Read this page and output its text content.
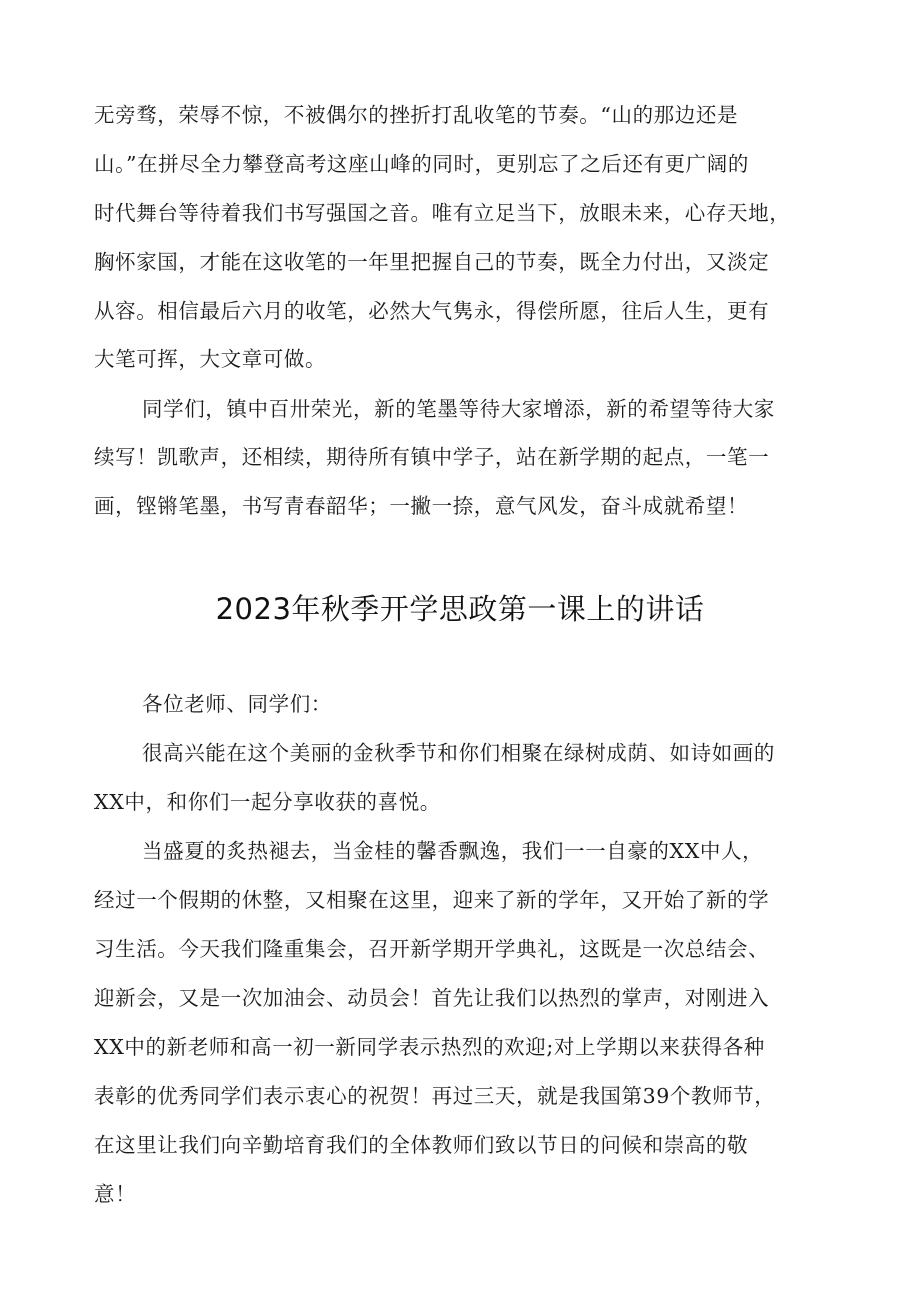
无旁骛，荣辱不惊，不被偶尔的挫折打乱收笔的节奏。“山的那边还是
山。”在拼尽全力攀登高考这座山峰的同时，更别忘了之后还有更广阔的
时代舞台等待着我们书写强国之音。唯有立足当下，放眼未来，心存天地，
胸怀家国，才能在这收笔的一年里把握自己的节奏，既全力付出，又淡定
从容。相信最后六月的收笔，必然大气隽永，得偿所愿，往后人生，更有
大笔可挥，大文章可做。
同学们，镇中百卅荣光，新的笔墨等待大家增添，新的希望等待大家
续写！凯歌声，还相续，期待所有镇中学子，站在新学期的起点，一笔一
画，铿锵笔墨，书写青春韶华；一撇一捺，意气风发，奋斗成就希望！
2023年秋季开学思政第一课上的讲话
各位老师、同学们：
很高兴能在这个美丽的金秋季节和你们相聚在绿树成荫、如诗如画的
XX中，和你们一起分享收获的喜悦。
当盛夏的炙热褪去，当金桂的馨香飘逸，我们一一自豪的XX中人，
经过一个假期的休整，又相聚在这里，迎来了新的学年，又开始了新的学
习生活。今天我们隆重集会，召开新学期开学典礼，这既是一次总结会、
迎新会，又是一次加油会、动员会！首先让我们以热烈的掌声，对刚进入
XX中的新老师和高一初一新同学表示热烈的欢迎;对上学期以来获得各种
表彰的优秀同学们表示衷心的祝贺！再过三天，就是我国第39个教师节，
在这里让我们向辛勤培育我们的全体教师们致以节日的问候和崇高的敬
意！
